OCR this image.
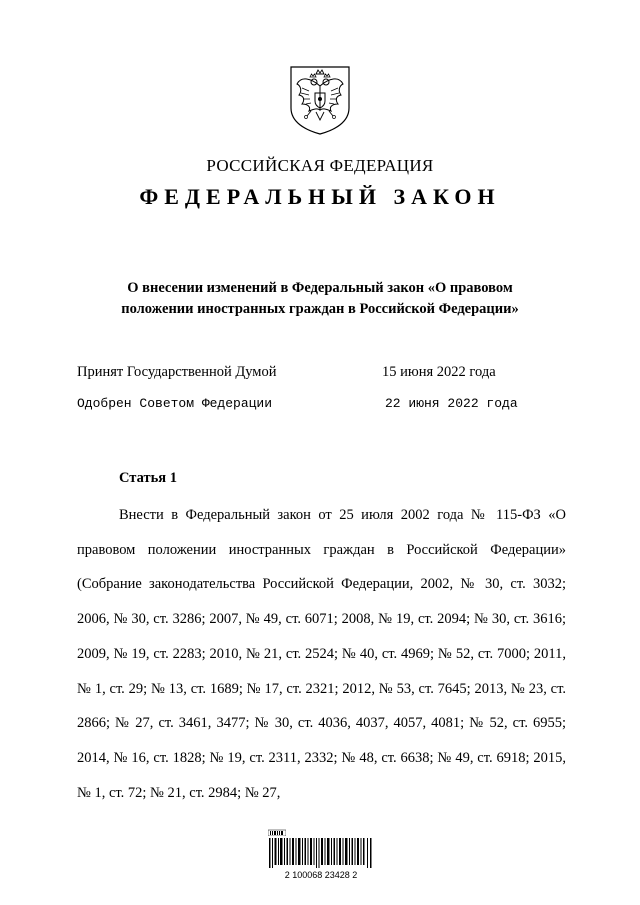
РОССИЙСКАЯ ФЕДЕРАЦИЯ
ФЕДЕРАЛЬНЫЙ ЗАКОН
О внесении изменений в Федеральный закон «О правовом
положении иностранных граждан в Российской Федерации»
Принят Государственной Думой	15 июня 2022 года
Одобрен Советом Федерации	22 июня 2022 года
Статья 1

Внести в Федеральный закон от 25 июля 2002 года № 115-ФЗ «О правовом положении иностранных граждан в Российской Федерации» (Собрание законодательства Российской Федерации, 2002, № 30, ст. 3032; 2006, № 30, ст. 3286; 2007, № 49, ст. 6071; 2008, № 19, ст. 2094; № 30, ст. 3616; 2009, № 19, ст. 2283; 2010, № 21, ст. 2524; № 40, ст. 4969; № 52, ст. 7000; 2011, № 1, ст. 29; № 13, ст. 1689; № 17, ст. 2321; 2012, № 53, ст. 7645; 2013, № 23, ст. 2866; № 27, ст. 3461, 3477; № 30, ст. 4036, 4037, 4057, 4081; № 52, ст. 6955; 2014, № 16, ст. 1828; № 19, ст. 2311, 2332; № 48, ст. 6638; № 49, ст. 6918; 2015, № 1, ст. 72; № 21, ст. 2984; № 27,

2 100068 23428 2
